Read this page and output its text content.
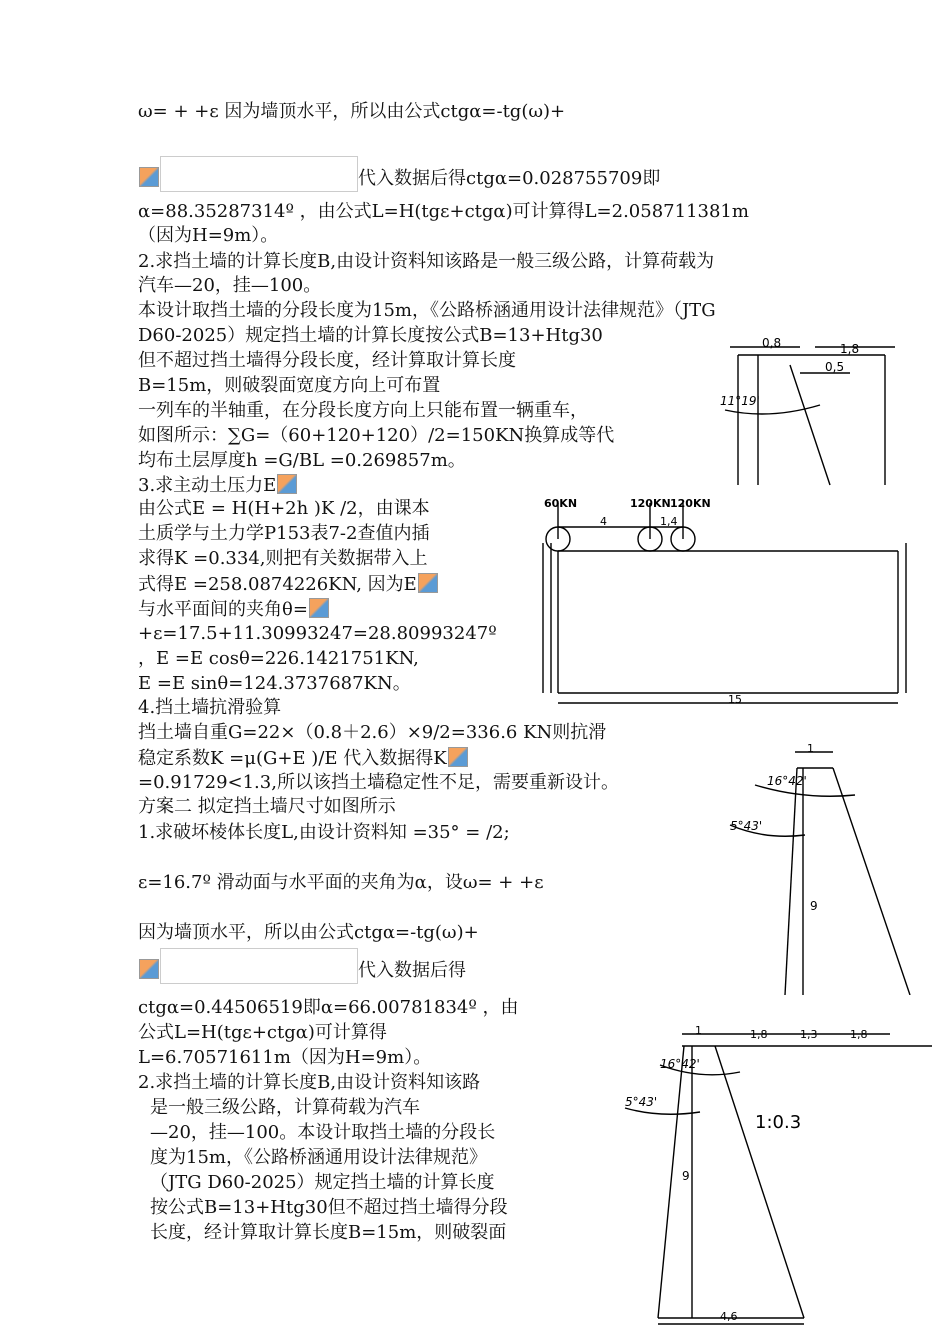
ω= + +ε 因为墙顶水平，所以由公式ctgα=-tg(ω)+
代入数据后得ctgα=0.028755709即
α=88.35287314º ，由公式L=H(tgε+ctgα)可计算得L=2.058711381m
（因为H=9m）。
2.求挡土墙的计算长度B,由设计资料知该路是一般三级公路，计算荷载为
汽车—20，挂—100。
本设计取挡土墙的分段长度为15m，《公路桥涵通用设计法律规范》（JTG
D60-2025）规定挡土墙的计算长度按公式B=13+Htg30
但不超过挡土墙得分段长度，经计算取计算长度
B=15m，则破裂面宽度方向上可布置
一列车的半轴重，在分段长度方向上只能布置一辆重车，
如图所示：∑G=（60+120+120）/2=150KN换算成等代
均布土层厚度h =G/BL =0.269857m。
3.求主动土压力E
由公式E = H(H+2h )K /2，由课本
土质学与土力学P153表7-2查值内插
求得K =0.334,则把有关数据带入上
式得E =258.0874226KN, 因为E
与水平面间的夹角θ=
+ε=17.5+11.30993247=28.80993247º
，E =E cosθ=226.1421751KN,
E =E sinθ=124.3737687KN。
4.挡土墙抗滑验算
挡土墙自重G=22×（0.8＋2.6）×9/2=336.6 KN则抗滑
稳定系数K =μ(G+E )/E 代入数据得K
=0.91729<1.3,所以该挡土墙稳定性不足，需要重新设计。
方案二 拟定挡土墙尺寸如图所示
1.求破坏棱体长度L,由设计资料知 =35° = /2;
ε=16.7º 滑动面与水平面的夹角为α，设ω= + +ε
因为墙顶水平，所以由公式ctgα=-tg(ω)+
代入数据后得
ctgα=0.44506519即α=66.00781834º ，由
公式L=H(tgε+ctgα)可计算得
L=6.70571611m（因为H=9m）。
2.求挡土墙的计算长度B,由设计资料知该路
是一般三级公路，计算荷载为汽车
—20，挂—100。本设计取挡土墙的分段长
度为15m，《公路桥涵通用设计法律规范》
（JTG D60-2025）规定挡土墙的计算长度
按公式B=13+Htg30但不超过挡土墙得分段
长度，经计算取计算长度B=15m，则破裂面
0,8	1,8
0,5
11°19'
60KN	120KN 120KN
4	1,4
15
1
16°42'
5°43'
9
1	1,8	1,3	1,8
16°42'
5°43'
1:0.3
9
4,6
